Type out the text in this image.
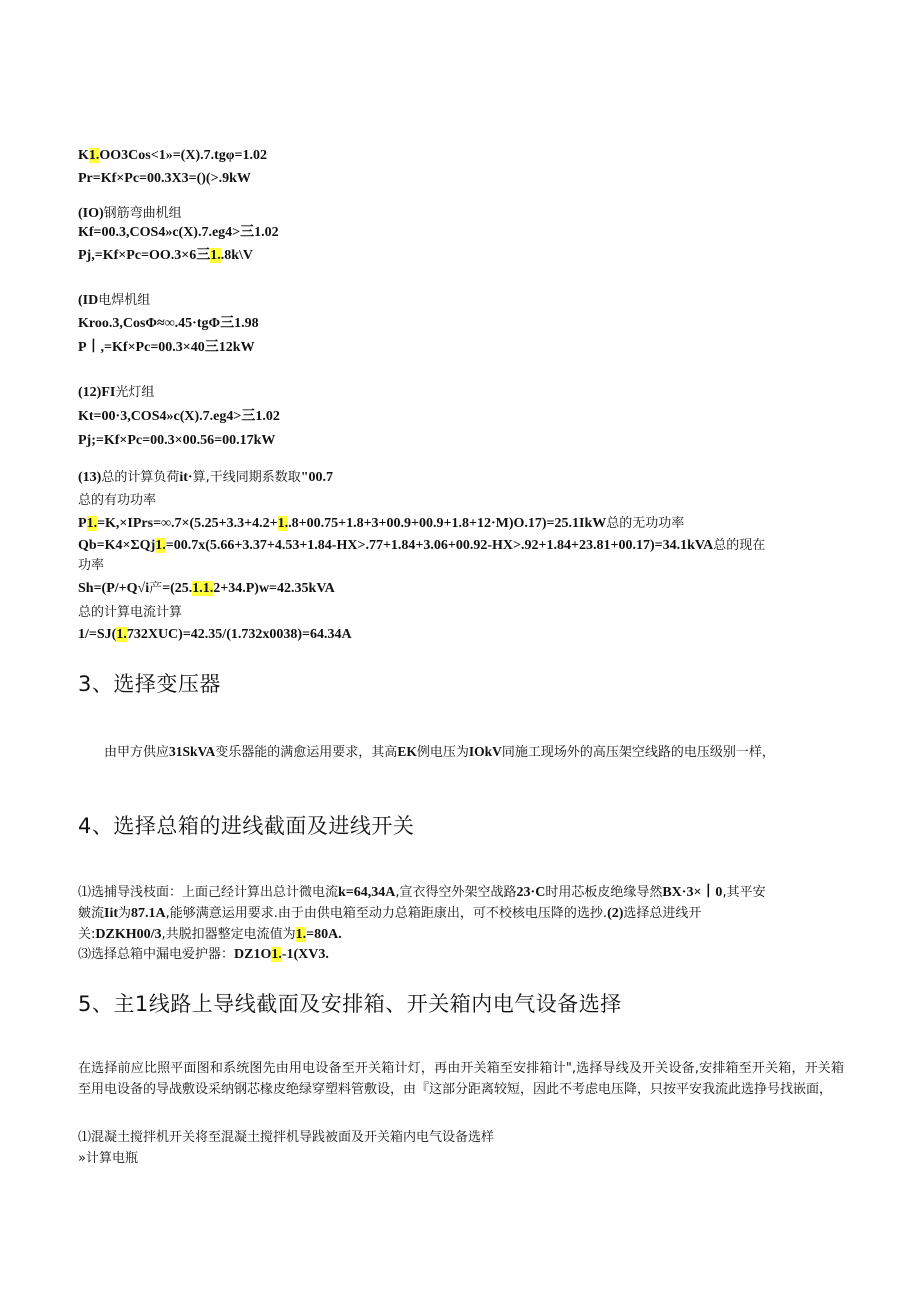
K1.OO3Cos<1»=(X).7.tgφ=1.02
Pr=Kf×Pc=00.3X3=()(>.9kW
(IO)钢筋弯曲机组
Kf=00.3,COS4»c(X).7.eg4>三1.02
Pj,=Kf×Pc=OO.3×6三1..8k\V
(ID电焊机组
Kroo.3,CosΦ≈∞.45·tgΦ三1.98
P丨,=Kf×Pc=00.3×40三12kW
(12)FI光灯组
Kt=00·3,COS4»c(X).7.eg4>三1.02
Pj;=Kf×Pc=00.3×00.56=00.17kW
(13)总的计算负荷it·算,干线同期系数取"00.7
总的有功功率
P1.=K,×IPrs=∞.7×(5.25+3.3+4.2+1..8+00.75+1.8+3+00.9+00.9+1.8+12·M)O.17)=25.1IkW总的无功功率
Qb=K4×ΣQj1.=00.7x(5.66+3.37+4.53+1.84-HX>.77+1.84+3.06+00.92-HX>.92+1.84+23.81+00.17)=34.1kVA总的现在
功率
Sh=(P/+Q√i产=(25.1.1.2+34.P)w=42.35kVA
总的计算电流计算
1/=SJ(1.732XUC)=42.35/(1.732x0038)=64.34A
3、选择变压器
由甲方供应31SkVA变乐器能的满愈运用要求，其高EK例电压为IOkV同施工现场外的高压架空线路的电压级别一样，
4、选择总箱的进线截面及进线开关
⑴选捕导浅枝面：上面己经计算出总计微电流k=64,34A,宣衣得空外架空战路23·C时用芯板皮绝缘导然BX·3×丨0,其平安
皴流Iit为87.1A,能够满意运用要求.由于由供电箱至动力总箱距康出，可不校核电压降的选抄.(2)选择总进线开
关:DZKH00/3,共脱扣器整定电流值为1.=80A.
⑶选择总箱中漏电爱护器：DZ1O1.-1(XV3.
5、主1线路上导线截面及安排箱、开关箱内电气设备选择
在选择前应比照平面图和系统图先由用电设备至开关箱计灯，再由开关箱至安排箱计",选择导线及开关设备,安排箱至开关箱，开关箱至用电设备的导战敷设采纳钢芯椽皮绝绿穿塑料管敷设，由『这部分距离较短，因此不考虑电压降，只按平安我流此选挣号找嵌面，
⑴混凝土搅拌机开关将至混凝土搅拌机导践被面及开关箱内电气设备选样
»计算电瓶
